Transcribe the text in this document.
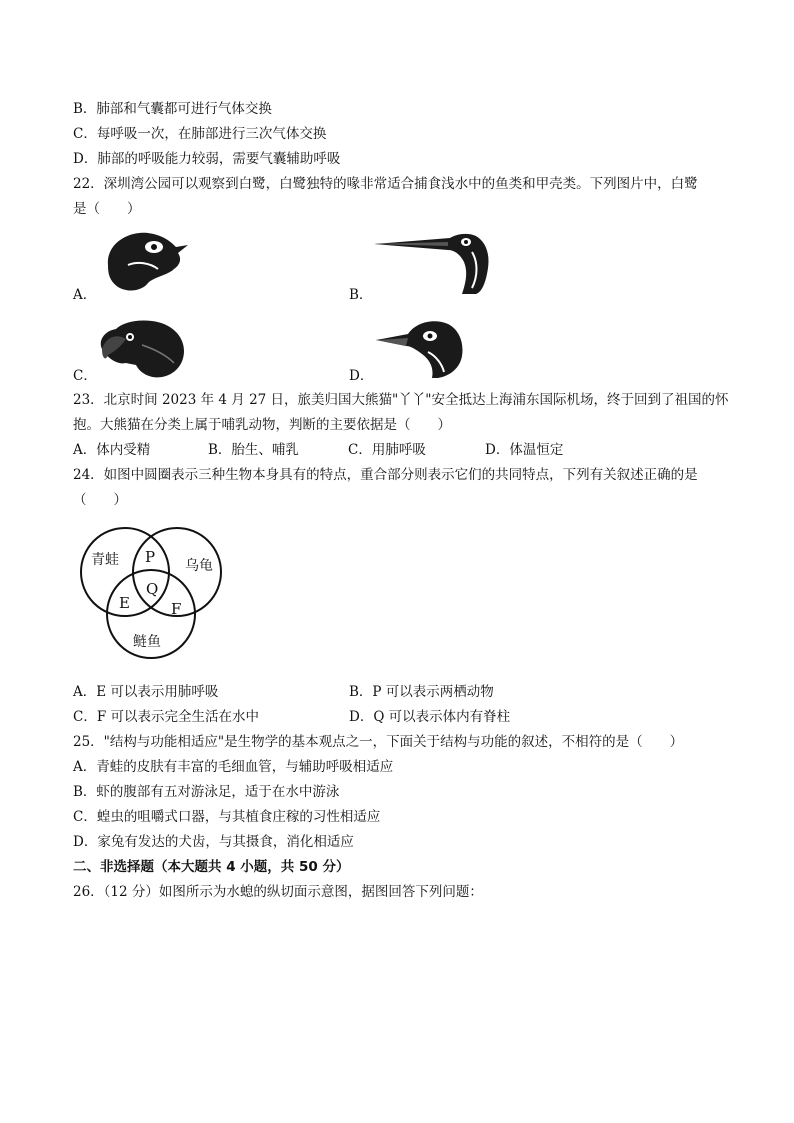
B．肺部和气囊都可进行气体交换
C．每呼吸一次，在肺部进行三次气体交换
D．肺部的呼吸能力较弱，需要气囊辅助呼吸
22．深圳湾公园可以观察到白鹭，白鹭独特的喙非常适合捕食浅水中的鱼类和甲壳类。下列图片中，白鹭
是（　　）
A．	B．
C．	D．
23．北京时间 2023 年 4 月 27 日，旅美归国大熊猫"丫丫"安全抵达上海浦东国际机场，终于回到了祖国的怀
抱。大熊猫在分类上属于哺乳动物，判断的主要依据是（　　）
A．体内受精	B．胎生、哺乳	C．用肺呼吸	D．体温恒定
24．如图中圆圈表示三种生物本身具有的特点，重合部分则表示它们的共同特点，下列有关叙述正确的是
（　　）
青蛙	乌龟
鲢鱼
P
Q
E	F
A．E 可以表示用肺呼吸	B．P 可以表示两栖动物
C．F 可以表示完全生活在水中	D．Q 可以表示体内有脊柱
25．"结构与功能相适应"是生物学的基本观点之一，下面关于结构与功能的叙述，不相符的是（　　）
A．青蛙的皮肤有丰富的毛细血管，与辅助呼吸相适应
B．虾的腹部有五对游泳足，适于在水中游泳
C．蝗虫的咀嚼式口器，与其植食庄稼的习性相适应
D．家兔有发达的犬齿，与其摄食，消化相适应
二、非选择题（本大题共 4 小题，共 50 分）
26．（12 分）如图所示为水螅的纵切面示意图，据图回答下列问题：
